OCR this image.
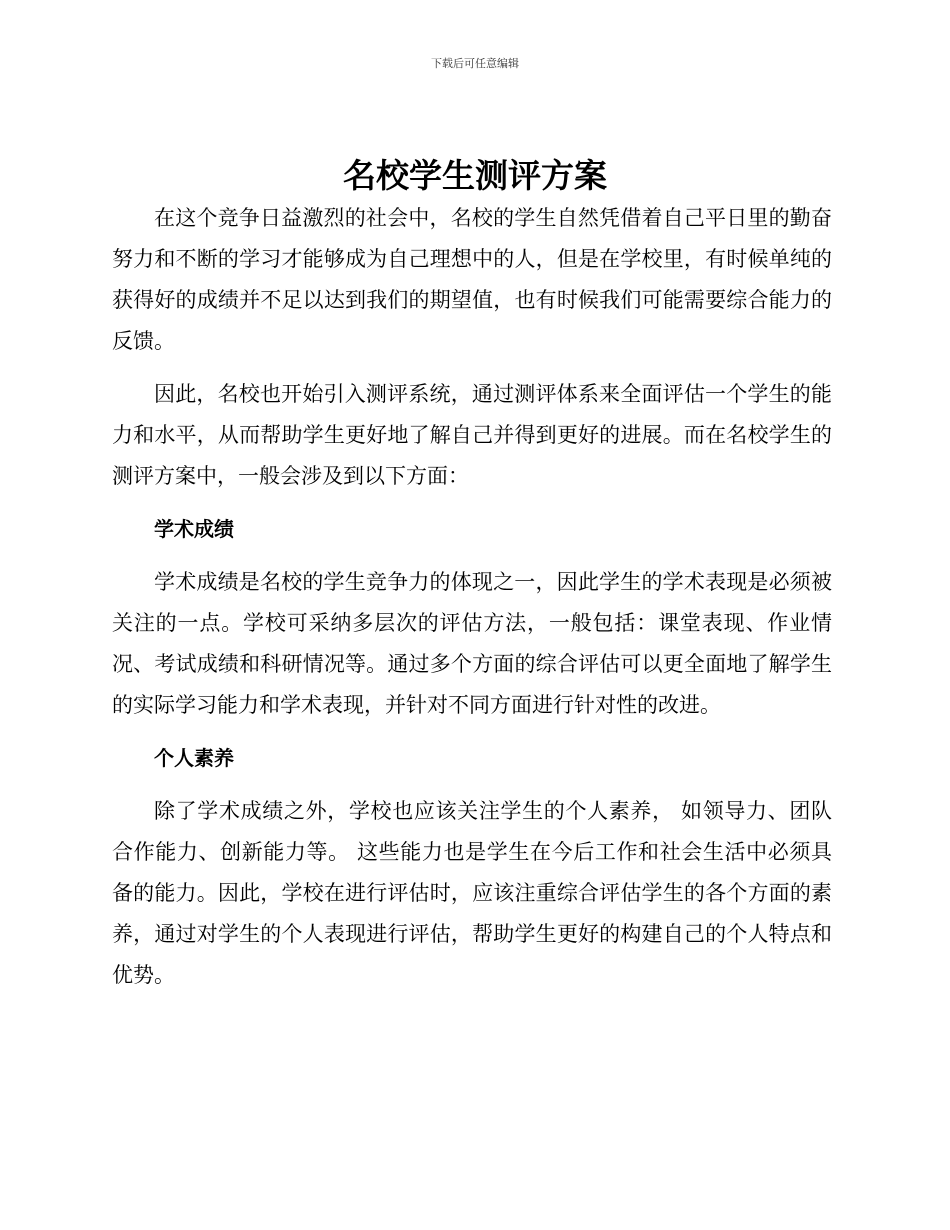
下载后可任意编辑
名校学生测评方案

在这个竞争日益激烈的社会中，名校的学生自然凭借着自己平日里的勤奋努力和不断的学习才能够成为自己理想中的人，但是在学校里，有时候单纯的获得好的成绩并不足以达到我们的期望值，也有时候我们可能需要综合能力的反馈。

因此，名校也开始引入测评系统，通过测评体系来全面评估一个学生的能力和水平，从而帮助学生更好地了解自己并得到更好的进展。而在名校学生的测评方案中，一般会涉及到以下方面：

学术成绩

学术成绩是名校的学生竞争力的体现之一，因此学生的学术表现是必须被关注的一点。学校可采纳多层次的评估方法，一般包括：课堂表现、作业情况、考试成绩和科研情况等。通过多个方面的综合评估可以更全面地了解学生的实际学习能力和学术表现，并针对不同方面进行针对性的改进。

个人素养

除了学术成绩之外，学校也应该关注学生的个人素养， 如领导力、团队合作能力、创新能力等。 这些能力也是学生在今后工作和社会生活中必须具备的能力。因此，学校在进行评估时，应该注重综合评估学生的各个方面的素养，通过对学生的个人表现进行评估，帮助学生更好的构建自己的个人特点和优势。
